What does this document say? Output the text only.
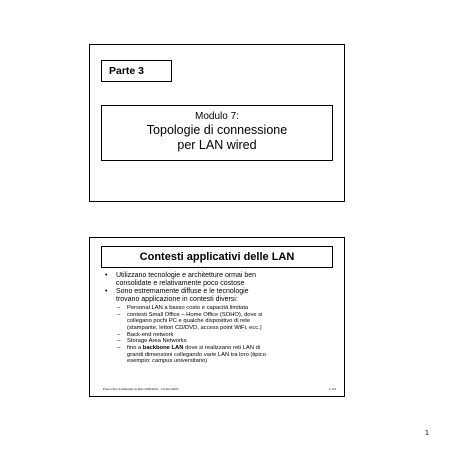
Parte 3
Modulo 7:
Topologie di connessione
per LAN wired
Contesti applicativi delle LAN
• Utilizzano tecnologie e architetture ormai ben
consolidate e relativamente poco costose
• Sono estremamente diffuse e le tecnologie
trovano applicazione in contesti diversi:
– Personal LAN a basso costo e capacità limitata
– contesti Small Office – Home Office (SOHO), dove si
collegano pochi PC e qualche dispositivo di rete
(stampante, lettori CD/DVD, access point WiFi, ecc.)
– Back-end network
– Storage Area Networks
– fino a backbone LAN dove si realizzano reti LAN di
grandi dimensioni collegando varie LAN tra loro (tipico
esempio: campus universitario)
Protocolli e Architetture di Rete 2009/2010 – Livello MZN	3-119
1
